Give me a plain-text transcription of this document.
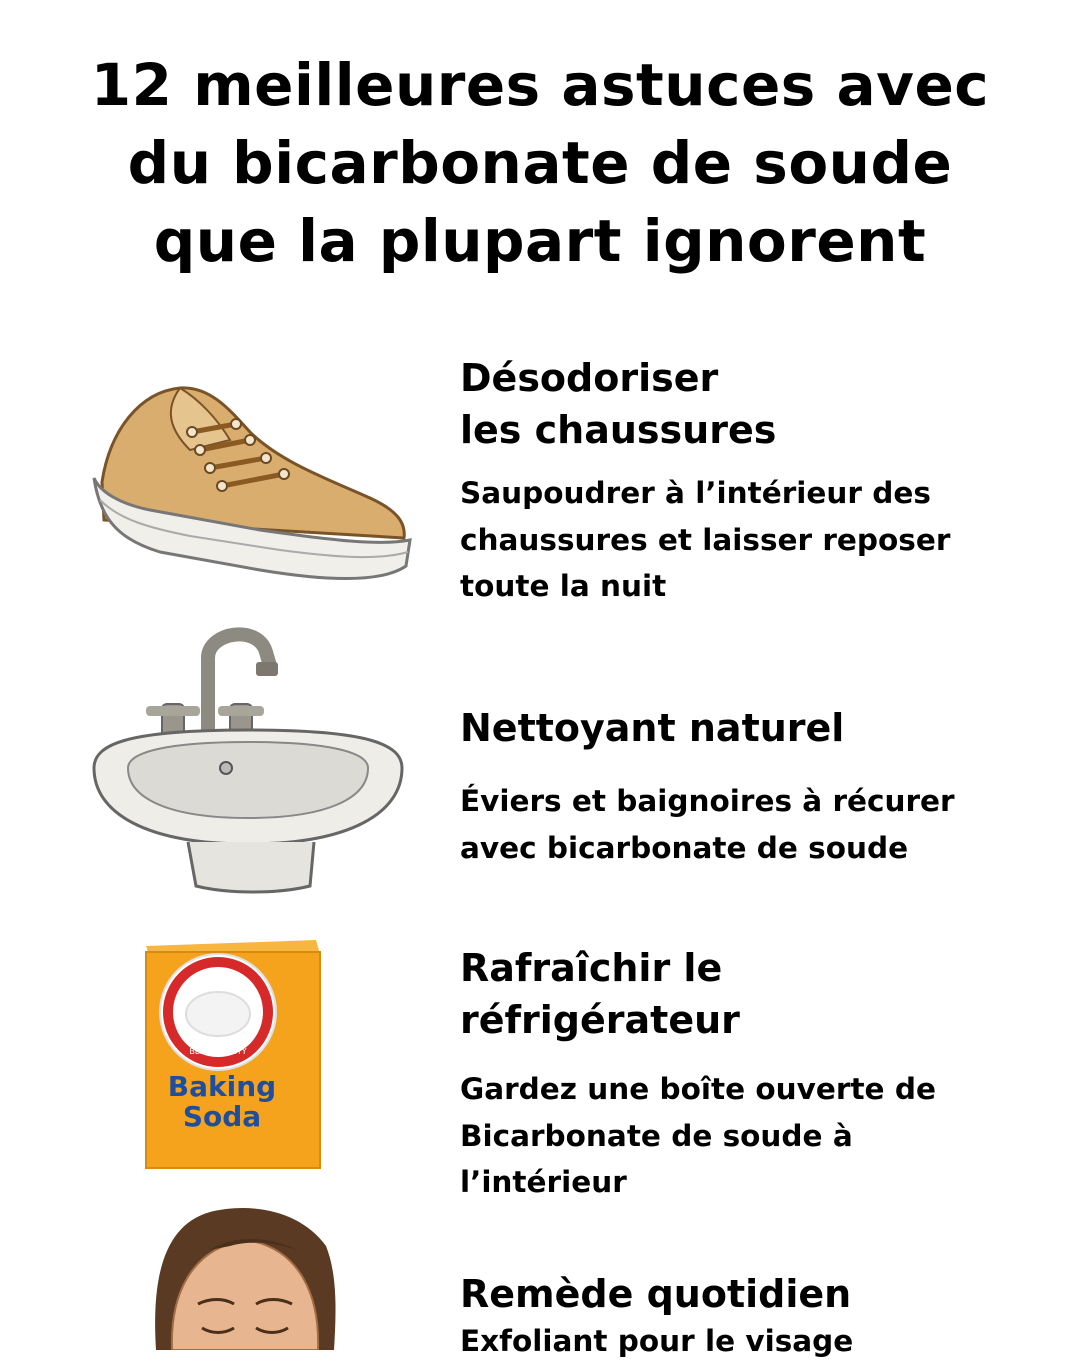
12 meilleures astuces avec
du bicarbonate de soude
que la plupart ignorent
Désodoriser
les chaussures
Saupoudrer à l’intérieur des
chaussures et laisser reposer
toute la nuit
Nettoyant naturel
Éviers et baignoires à récurer
avec bicarbonate de soude
BEST QUALITY
Baking
Soda
Rafraîchir le
réfrigérateur
Gardez une boîte ouverte de
Bicarbonate de soude à
l’intérieur
Remède quotidien
Exfoliant pour le visage
